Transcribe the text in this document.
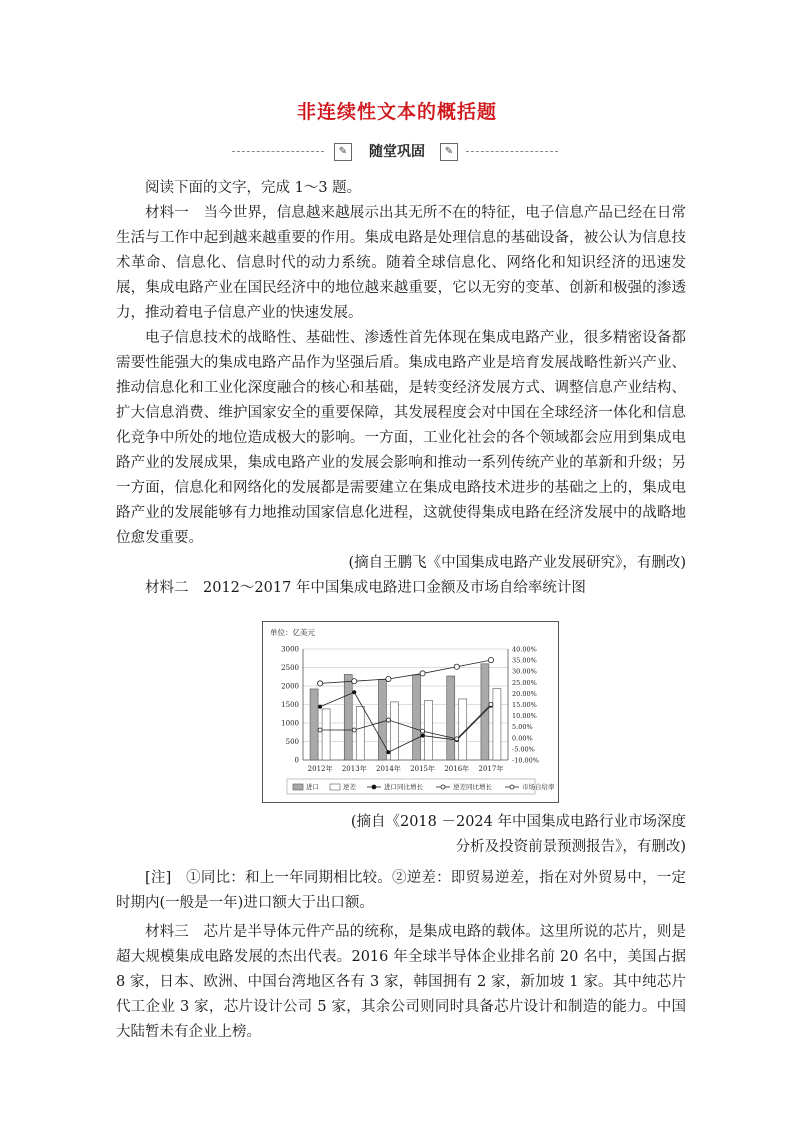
非连续性文本的概括题
✎	随堂巩固	✎

阅读下面的文字，完成 1～3 题。

材料一　 当今世界，信息越来越展示出其无所不在的特征，电子信息产品已经在日常生活与工作中起到越来越重要的作用。集成电路是处理信息的基础设备，被公认为信息技术革命、信息化、信息时代的动力系统。随着全球信息化、网络化和知识经济的迅速发展，集成电路产业在国民经济中的地位越来越重要，它以无穷的变革、创新和极强的渗透力，推动着电子信息产业的快速发展。

电子信息技术的战略性、基础性、渗透性首先体现在集成电路产业，很多精密设备都需要性能强大的集成电路产品作为坚强后盾。集成电路产业是培育发展战略性新兴产业、推动信息化和工业化深度融合的核心和基础，是转变经济发展方式、调整信息产业结构、扩大信息消费、维护国家安全的重要保障，其发展程度会对中国在全球经济一体化和信息化竞争中所处的地位造成极大的影响。一方面，工业化社会的各个领域都会应用到集成电路产业的发展成果，集成电路产业的发展会影响和推动一系列传统产业的革新和升级；另一方面，信息化和网络化的发展都是需要建立在集成电路技术进步的基础之上的，集成电路产业的发展能够有力地推动国家信息化进程，这就使得集成电路在经济发展中的战略地位愈发重要。

(摘自王鹏飞《中国集成电路产业发展研究》，有删改)

材料二　 2012～2017 年中国集成电路进口金额及市场自给率统计图

单位：亿美元
3000
2500
2000
1500
1000
500
0
40.00%
35.00%
30.00%
25.00%
20.00%
15.00%
10.00%
5.00%
0.00%
-5.00%
-10.00%
2012年 2013年 2014年 2015年 2016年 2017年
进口	逆差	进口同比增长	逆差同比增长	市场自给率

(摘自《2018 －2024 年中国集成电路行业市场深度

分析及投资前景预测报告》，有删改)

[注]　 ①同比：和上一年同期相比较。②逆差：即贸易逆差，指在对外贸易中，一定时期内(一般是一年)进口额大于出口额。

材料三　 芯片是半导体元件产品的统称，是集成电路的载体。这里所说的芯片，则是超大规模集成电路发展的杰出代表。2016 年全球半导体企业排名前 20 名中，美国占据 8 家，日本、欧洲、中国台湾地区各有 3 家，韩国拥有 2 家，新加坡 1 家。其中纯芯片代工企业 3 家，芯片设计公司 5 家，其余公司则同时具备芯片设计和制造的能力。中国大陆暂未有企业上榜。
